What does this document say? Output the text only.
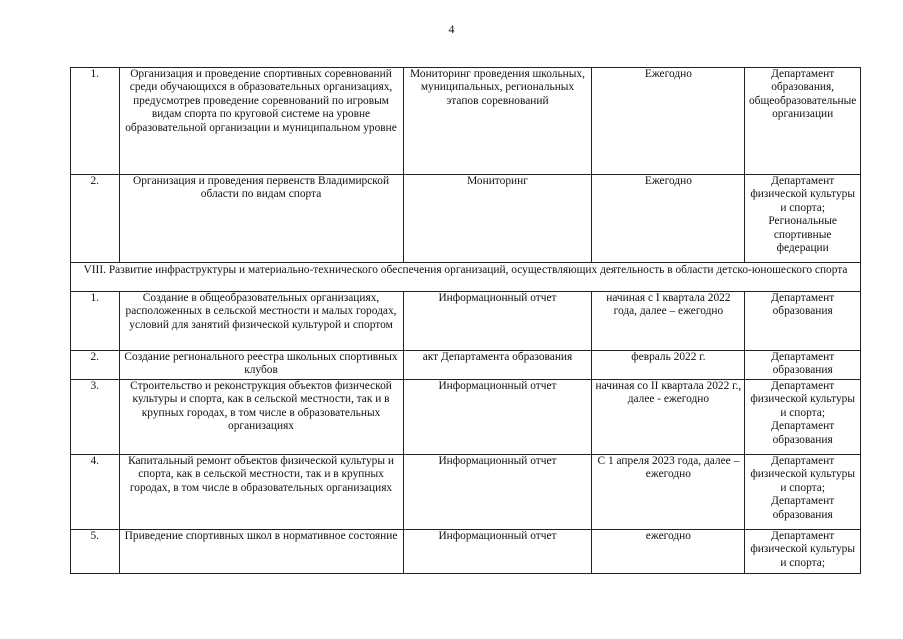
4
1.	Организация и проведение спортивных соревнований среди обучающихся в образовательных организациях, предусмотрев проведение соревнований по игровым видам спорта по круговой системе на уровне образовательной организации и муниципальном уровне	Мониторинг проведения школьных, муниципальных, региональных этапов соревнований	Ежегодно	Департамент образования, общеобразовательные организации
2.	Организация и проведения первенств Владимирской области по видам спорта	Мониторинг	Ежегодно	Департамент физической культуры и спорта; Региональные спортивные федерации
VIII. Развитие инфраструктуры и материально-технического обеспечения организаций, осуществляющих деятельность в области детско-юношеского спорта				
1.	Создание в общеобразовательных организациях, расположенных в сельской местности и малых городах, условий для занятий физической культурой и спортом	Информационный отчет	начиная с I квартала 2022 года, далее – ежегодно	Департамент образования
2.	Создание регионального реестра школьных спортивных клубов	акт Департамента образования	февраль 2022 г.	Департамент образования
3.	Строительство и реконструкция объектов физической культуры и спорта, как в сельской местности, так и в крупных городах, в том числе в образовательных организациях	Информационный отчет	начиная со II квартала 2022 г., далее - ежегодно	Департамент физической культуры и спорта; Департамент образования
4.	Капитальный ремонт объектов физической культуры и спорта, как в сельской местности, так и в крупных городах, в том числе в образовательных организациях	Информационный отчет	С 1 апреля 2023 года, далее – ежегодно	Департамент физической культуры и спорта; Департамент образования
5.	Приведение спортивных школ в нормативное состояние	Информационный отчет	ежегодно	Департамент физической культуры и спорта;
